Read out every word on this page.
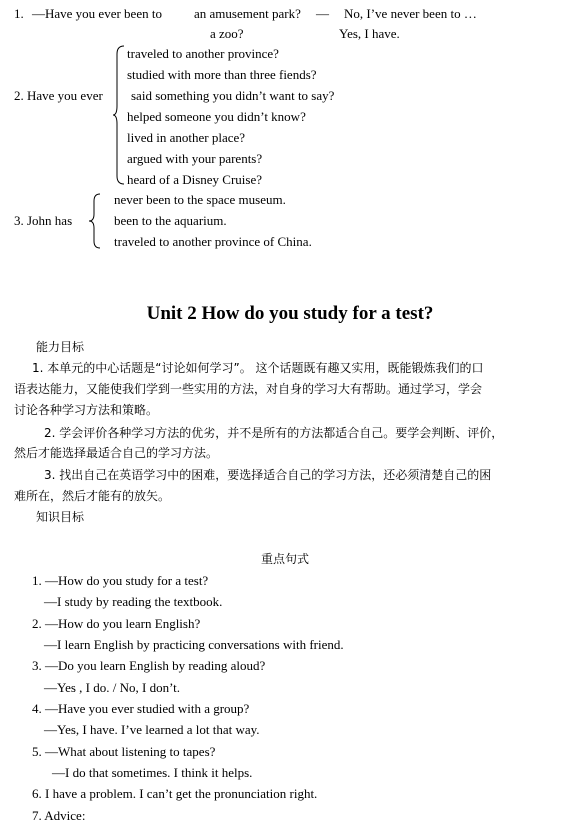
1. —Have you ever been to an amusement park?
a zoo?
— No, I’ve never been to …
Yes, I have.
2. Have you ever
traveled to another province?
studied with more than three fiends?
said something you didn’t want to say?
helped someone you didn’t know?
lived in another place?
argued with your parents?
heard of a Disney Cruise?
3. John has
never been to the space museum.
been to the aquarium.
traveled to another province of China.
Unit 2 How do you study for a test?
能力目标
1. 本单元的中心话题是“讨论如何学习”。 这个话题既有趣又实用，既能锻炼我们的口
语表达能力，又能使我们学到一些实用的方法，对自身的学习大有帮助。通过学习，学会
讨论各种学习方法和策略。
2. 学会评价各种学习方法的优劣，并不是所有的方法都适合自己。要学会判断、评价，
然后才能选择最适合自己的学习方法。
3. 找出自己在英语学习中的困难，要选择适合自己的学习方法，还必须清楚自己的困
难所在，然后才能有的放矢。
知识目标
重点句式
1. —How do you study for a test?
—I study by reading the textbook.
2. —How do you learn English?
—I learn English by practicing conversations with friend.
3. —Do you learn English by reading aloud?
—Yes , I do. / No, I don’t.
4. —Have you ever studied with a group?
—Yes, I have. I’ve learned a lot that way.
5. —What about listening to tapes?
—I do that sometimes. I think it helps.
6. I have a problem. I can’t get the pronunciation right.
7. Advice:
